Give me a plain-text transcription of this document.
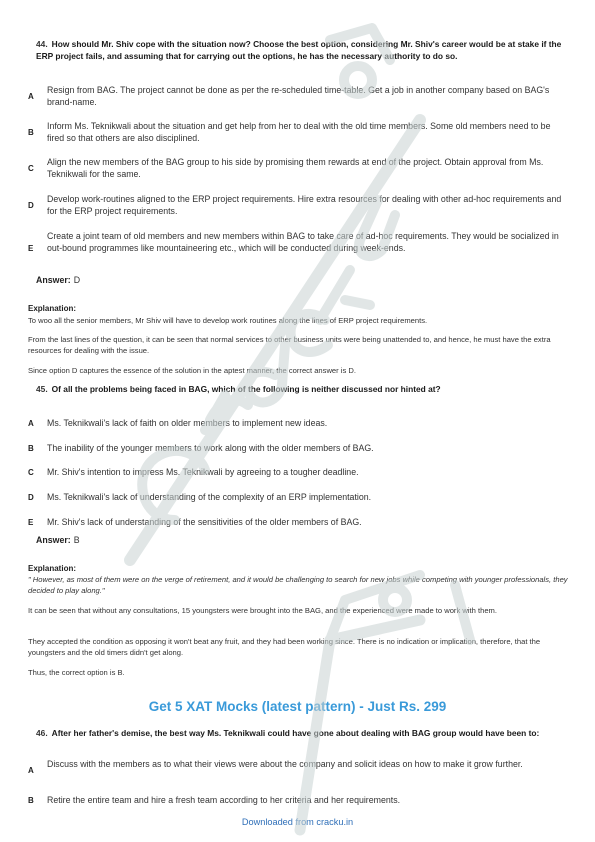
44. How should Mr. Shiv cope with the situation now? Choose the best option, considering Mr. Shiv's career would be at stake if the ERP project fails, and assuming that for carrying out the options, he has the necessary authority to do so.
A
Resign from BAG. The project cannot be done as per the re-scheduled time-table. Get a job in another company based on BAG's brand-name.
B
Inform Ms. Teknikwali about the situation and get help from her to deal with the old time members. Some old members need to be fired so that others are also disciplined.
C
Align the new members of the BAG group to his side by promising them rewards at end of the project. Obtain approval from Ms. Teknikwali for the same.
D
Develop work-routines aligned to the ERP project requirements. Hire extra resources for dealing with other ad-hoc requirements and for the ERP project requirements.
E
Create a joint team of old members and new members within BAG to take care of ad-hoc requirements. They would be socialized in out-bound programmes like mountaineering etc., which will be conducted during week-ends.
Answer: D
Explanation:
To woo all the senior members, Mr Shiv will have to develop work routines along the lines of ERP project requirements.
From the last lines of the question, it can be seen that normal services to other business units were being unattended to, and hence, he must have the extra resources for dealing with the issue.
Since option D captures the essence of the solution in the aptest manner, the correct answer is D.
45. Of all the problems being faced in BAG, which of the following is neither discussed nor hinted at?
A Ms. Teknikwali's lack of faith on older members to implement new ideas.
B The inability of the younger members to work along with the older members of BAG.
C Mr. Shiv's intention to impress Ms. Teknikwali by agreeing to a tougher deadline.
D Ms. Teknikwali's lack of understanding of the complexity of an ERP implementation.
E Mr. Shiv's lack of understanding of the sensitivities of the older members of BAG.
Answer: B
Explanation:
" However, as most of them were on the verge of retirement, and it would be challenging to search for new jobs while competing with younger professionals, they decided to play along."
It can be seen that without any consultations, 15 youngsters were brought into the BAG, and the experienced were made to work with them.
They accepted the condition as opposing it won't beat any fruit, and they had been working since. There is no indication or implication, therefore, that the youngsters and the old timers didn't get along.
Thus, the correct option is B.
Get 5 XAT Mocks (latest pattern) - Just Rs. 299
46. After her father's demise, the best way Ms. Teknikwali could have gone about dealing with BAG group would have been to:
A
Discuss with the members as to what their views were about the company and solicit ideas on how to make it grow further.
B Retire the entire team and hire a fresh team according to her criteria and her requirements.
Downloaded from cracku.in
